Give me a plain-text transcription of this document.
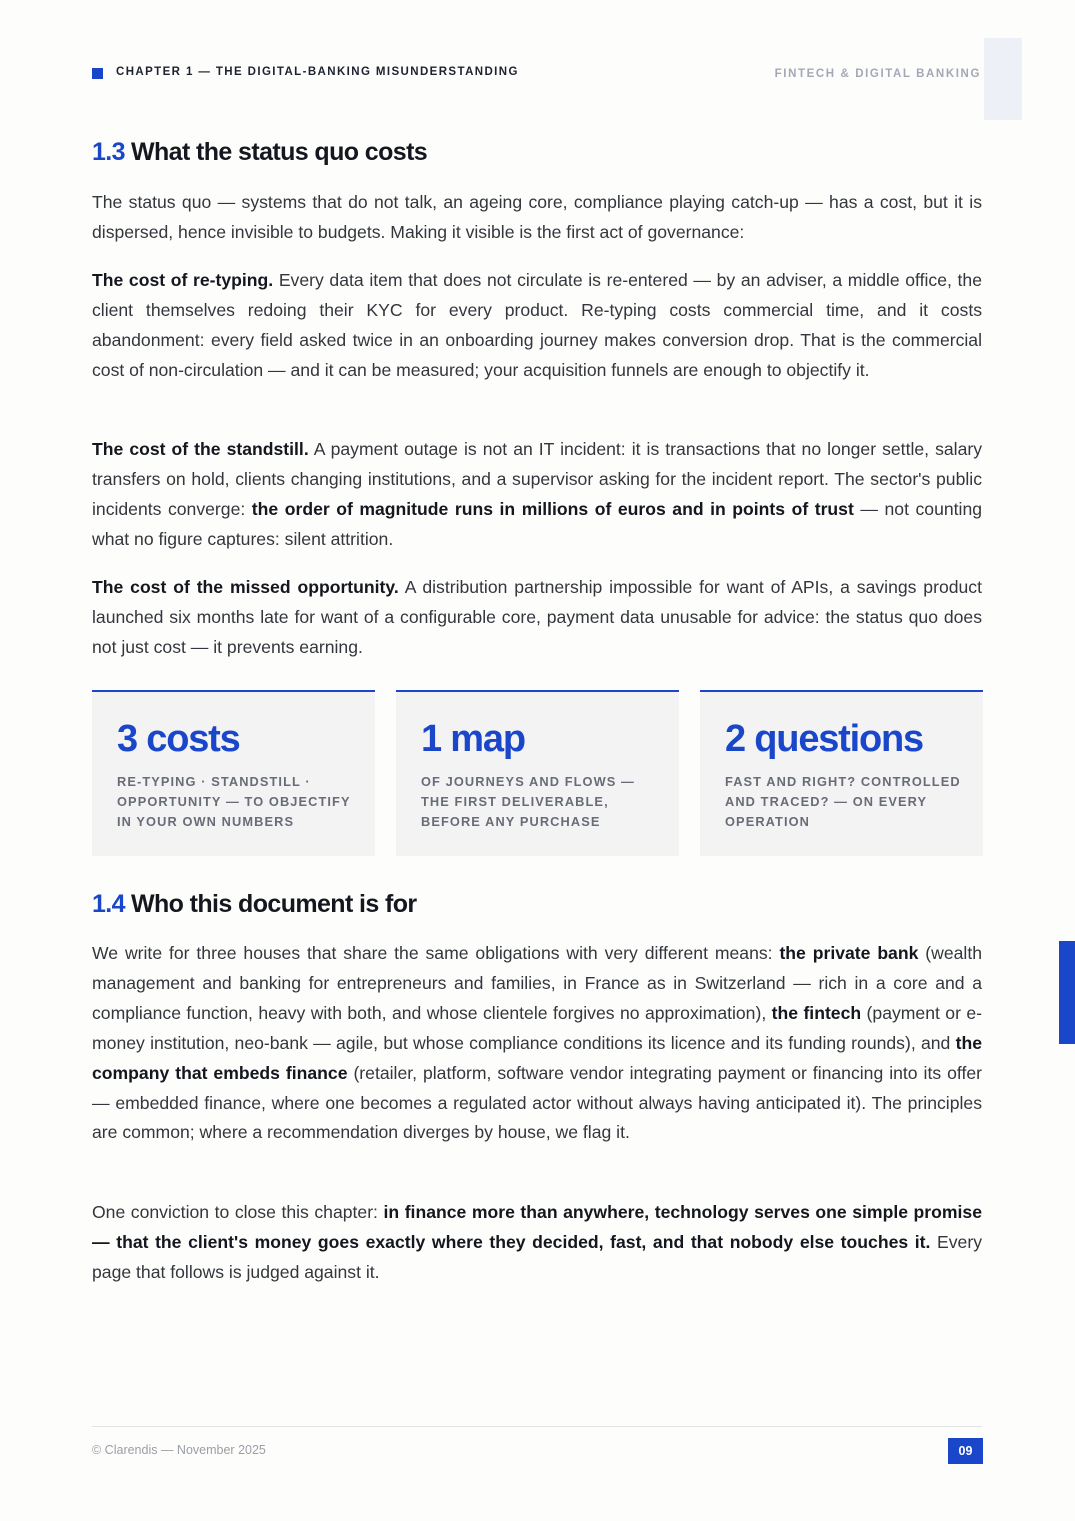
CHAPTER 1 — THE DIGITAL-BANKING MISUNDERSTANDING	FINTECH & DIGITAL BANKING
1.3 What the status quo costs

The status quo — systems that do not talk, an ageing core, compliance playing catch-up — has a cost, but it is dispersed, hence invisible to budgets. Making it visible is the first act of governance:

The cost of re-typing. Every data item that does not circulate is re-entered — by an adviser, a middle office, the client themselves redoing their KYC for every product. Re-typing costs commercial time, and it costs abandonment: every field asked twice in an onboarding journey makes conversion drop. That is the commercial cost of non-circulation — and it can be measured; your acquisition funnels are enough to objectify it.

The cost of the standstill. A payment outage is not an IT incident: it is transactions that no longer settle, salary transfers on hold, clients changing institutions, and a supervisor asking for the incident report. The sector's public incidents converge: the order of magnitude runs in millions of euros and in points of trust — not counting what no figure captures: silent attrition.

The cost of the missed opportunity. A distribution partnership impossible for want of APIs, a savings product launched six months late for want of a configurable core, payment data unusable for advice: the status quo does not just cost — it prevents earning.

3 costs
RE-TYPING · STANDSTILL · OPPORTUNITY — TO OBJECTIFY IN YOUR OWN NUMBERS
1 map
OF JOURNEYS AND FLOWS — THE FIRST DELIVERABLE, BEFORE ANY PURCHASE
2 questions
FAST AND RIGHT? CONTROLLED AND TRACED? — ON EVERY OPERATION
1.4 Who this document is for

We write for three houses that share the same obligations with very different means: the private bank (wealth management and banking for entrepreneurs and families, in France as in Switzerland — rich in a core and a compliance function, heavy with both, and whose clientele forgives no approximation), the fintech (payment or e-money institution, neo-bank — agile, but whose compliance conditions its licence and its funding rounds), and the company that embeds finance (retailer, platform, software vendor integrating payment or financing into its offer — embedded finance, where one becomes a regulated actor without always having anticipated it). The principles are common; where a recommendation diverges by house, we flag it.

One conviction to close this chapter: in finance more than anywhere, technology serves one simple promise — that the client's money goes exactly where they decided, fast, and that nobody else touches it. Every page that follows is judged against it.

© Clarendis — November 2025	09
